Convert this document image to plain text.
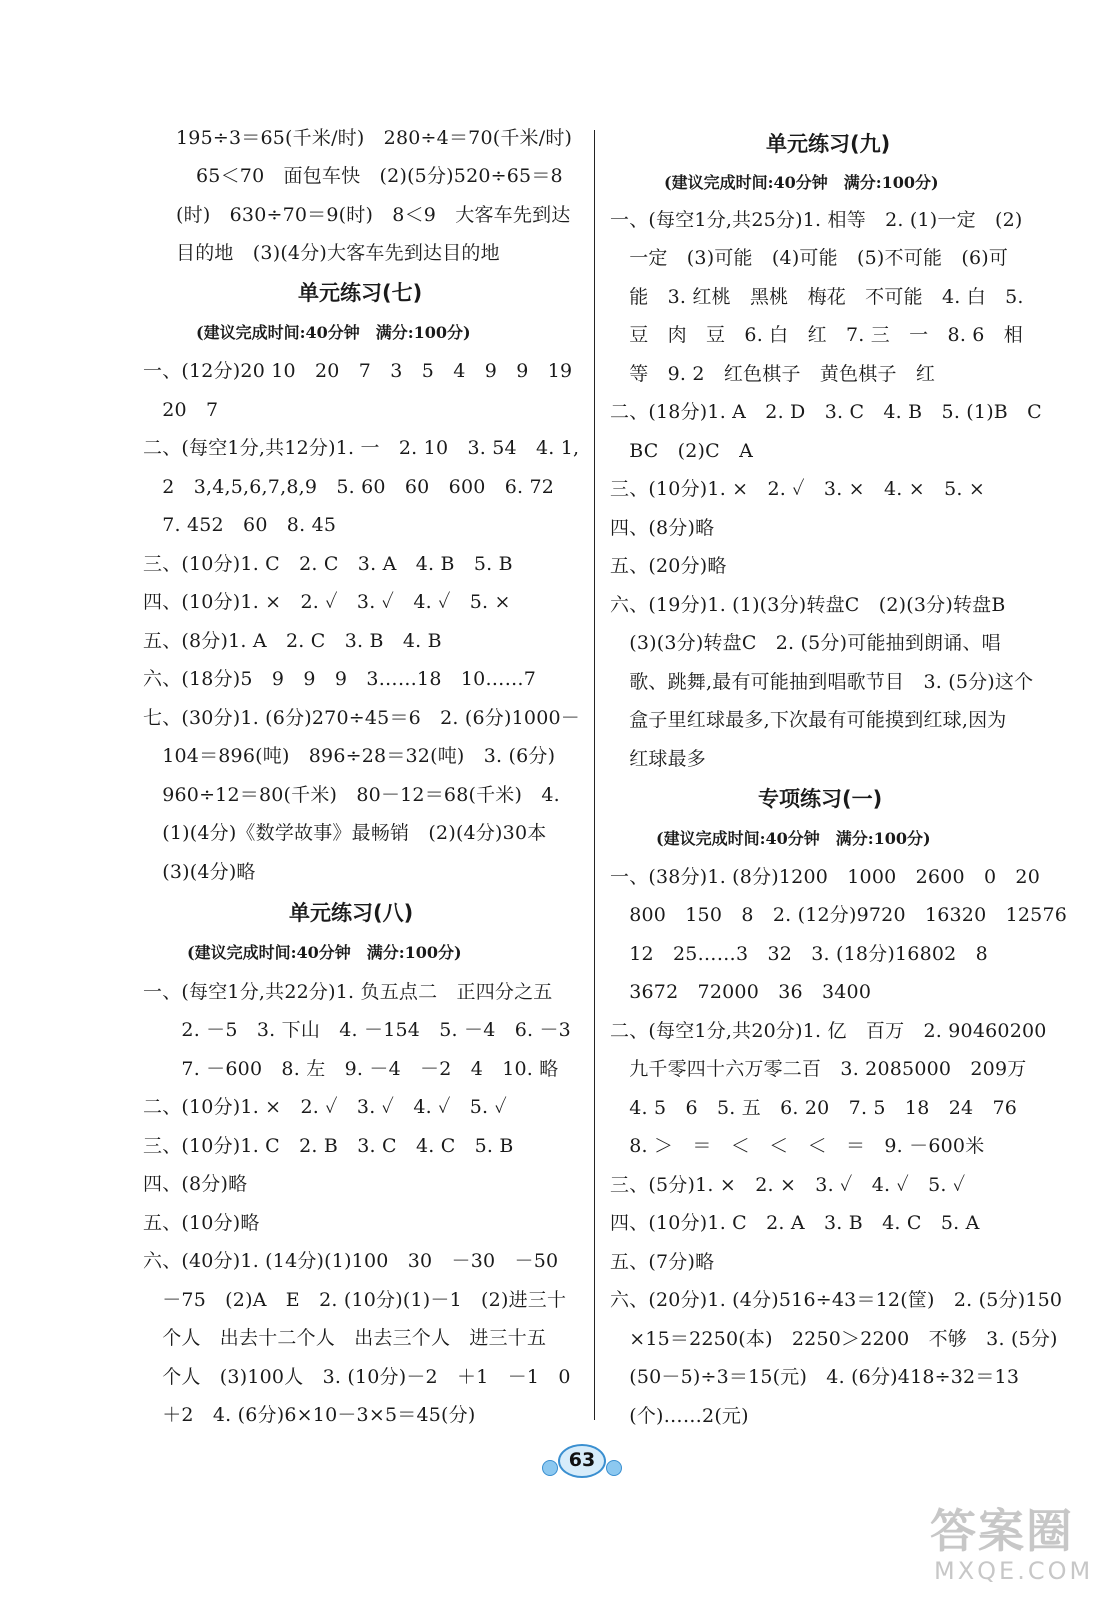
195÷3＝65(千米/时)　280÷4＝70(千米/时)
65＜70　面包车快　(2)(5分)520÷65＝8
(时)　630÷70＝9(时)　8＜9　大客车先到达
目的地　(3)(4分)大客车先到达目的地
单元练习(七)
(建议完成时间:40分钟　满分:100分)
一、(12分)20 10　20　7　3　5　4　9　9　19
　20　7
二、(每空1分,共12分)1. 一　2. 10　3. 54　4. 1,
　2　3,4,5,6,7,8,9　5. 60　60　600　6. 72
　7. 452　60　8. 45
三、(10分)1. C　2. C　3. A　4. B　5. B
四、(10分)1. ×　2. ✓　3. ✓　4. ✓　5. ×
五、(8分)1. A　2. C　3. B　4. B
六、(18分)5　9　9　9　3……18　10……7
七、(30分)1. (6分)270÷45＝6　2. (6分)1000－
　104＝896(吨)　896÷28＝32(吨)　3. (6分)
　960÷12＝80(千米)　80－12＝68(千米)　4.
　(1)(4分)《数学故事》最畅销　(2)(4分)30本
　(3)(4分)略
单元练习(八)
(建议完成时间:40分钟　满分:100分)
一、(每空1分,共22分)1. 负五点二　正四分之五
　　2. －5　3. 下山　4. －154　5. －4　6. －3
　　7. －600　8. 左　9. －4　－2　4　10. 略
二、(10分)1. ×　2. ✓　3. ✓　4. ✓　5. ✓
三、(10分)1. C　2. B　3. C　4. C　5. B
四、(8分)略
五、(10分)略
六、(40分)1. (14分)(1)100　30　－30　－50
　－75　(2)A　E　2. (10分)(1)－1　(2)进三十
　个人　出去十二个人　出去三个人　进三十五
　个人　(3)100人　3. (10分)－2　＋1　－1　0
　＋2　4. (6分)6×10－3×5＝45(分)
单元练习(九)
(建议完成时间:40分钟　满分:100分)
一、(每空1分,共25分)1. 相等　2. (1)一定　(2)
　一定　(3)可能　(4)可能　(5)不可能　(6)可
　能　3. 红桃　黑桃　梅花　不可能　4. 白　5.
　豆　肉　豆　6. 白　红　7. 三　一　8. 6　相
　等　9. 2　红色棋子　黄色棋子　红
二、(18分)1. A　2. D　3. C　4. B　5. (1)B　C
　BC　(2)C　A
三、(10分)1. ×　2. ✓　3. ×　4. ×　5. ×
四、(8分)略
五、(20分)略
六、(19分)1. (1)(3分)转盘C　(2)(3分)转盘B
　(3)(3分)转盘C　2. (5分)可能抽到朗诵、唱
　歌、跳舞,最有可能抽到唱歌节目　3. (5分)这个
　盒子里红球最多,下次最有可能摸到红球,因为
　红球最多
专项练习(一)
(建议完成时间:40分钟　满分:100分)
一、(38分)1. (8分)1200　1000　2600　0　20
　800　150　8　2. (12分)9720　16320　12576
　12　25……3　32　3. (18分)16802　8
　3672　72000　36　3400
二、(每空1分,共20分)1. 亿　百万　2. 90460200
　九千零四十六万零二百　3. 2085000　209万
　4. 5　6　5. 五　6. 20　7. 5　18　24　76
　8. ＞　＝　＜　＜　＜　＝　9. －600米
三、(5分)1. ×　2. ×　3. ✓　4. ✓　5. ✓
四、(10分)1. C　2. A　3. B　4. C　5. A
五、(7分)略
六、(20分)1. (4分)516÷43＝12(筐)　2. (5分)150
　×15＝2250(本)　2250＞2200　不够　3. (5分)
　(50－5)÷3＝15(元)　4. (6分)418÷32＝13
　(个)……2(元)
63
答案圈
MXQE.COM
